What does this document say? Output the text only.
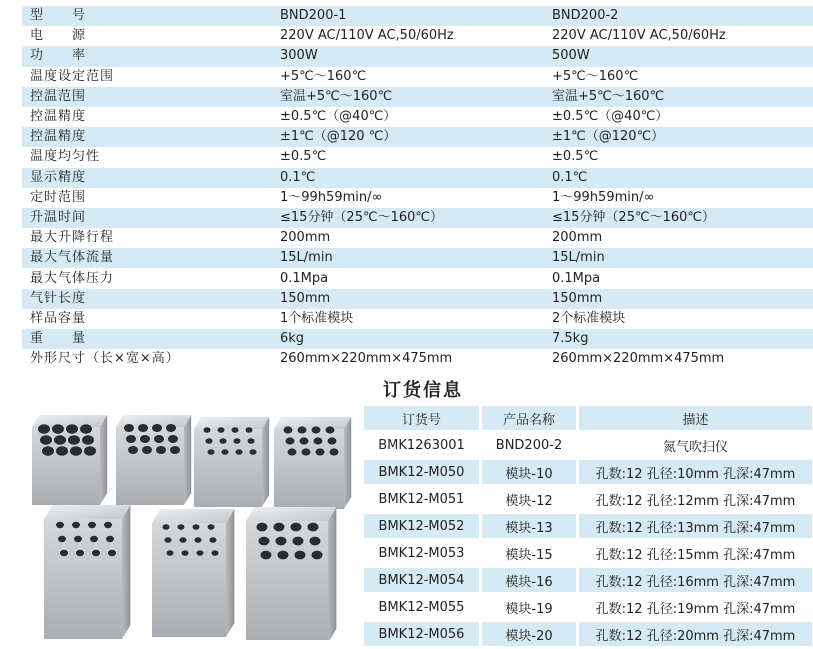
型　　号	BND200-1	BND200-2
电　　源	220V AC/110V AC,50/60Hz	220V AC/110V AC,50/60Hz
功　　率	300W	500W
温度设定范围	+5℃～160℃	+5℃～160℃
控温范围	室温+5℃～160℃	室温+5℃～160℃
控温精度	±0.5℃（@40℃）	±0.5℃（@40℃）
控温精度	±1℃（@120 ℃）	±1℃（@120℃）
温度均匀性	±0.5℃	±0.5℃
显示精度	0.1℃	0.1℃
定时范围	1～99h59min/∞	1～99h59min/∞
升温时间	≤15分钟（25℃～160℃）	≤15分钟（25℃～160℃）
最大升降行程	200mm	200mm
最大气体流量	15L/min	15L/min
最大气体压力	0.1Mpa	0.1Mpa
气针长度	150mm	150mm
样品容量	1个标准模块	2个标准模块
重　　量	6kg	7.5kg
外形尺寸（长×宽×高）	260mm×220mm×475mm	260mm×220mm×475mm
订货信息
订货号	产品名称	描述
BMK1263001	BND200-2	氮气吹扫仪
BMK12-M050	模块-10	孔数:12 孔径:10mm 孔深:47mm
BMK12-M051	模块-12	孔数:12 孔径:12mm 孔深:47mm
BMK12-M052	模块-13	孔数:12 孔径:13mm 孔深:47mm
BMK12-M053	模块-15	孔数:12 孔径:15mm 孔深:47mm
BMK12-M054	模块-16	孔数:12 孔径:16mm 孔深:47mm
BMK12-M055	模块-19	孔数:12 孔径:19mm 孔深:47mm
BMK12-M056	模块-20	孔数:12 孔径:20mm 孔深:47mm
